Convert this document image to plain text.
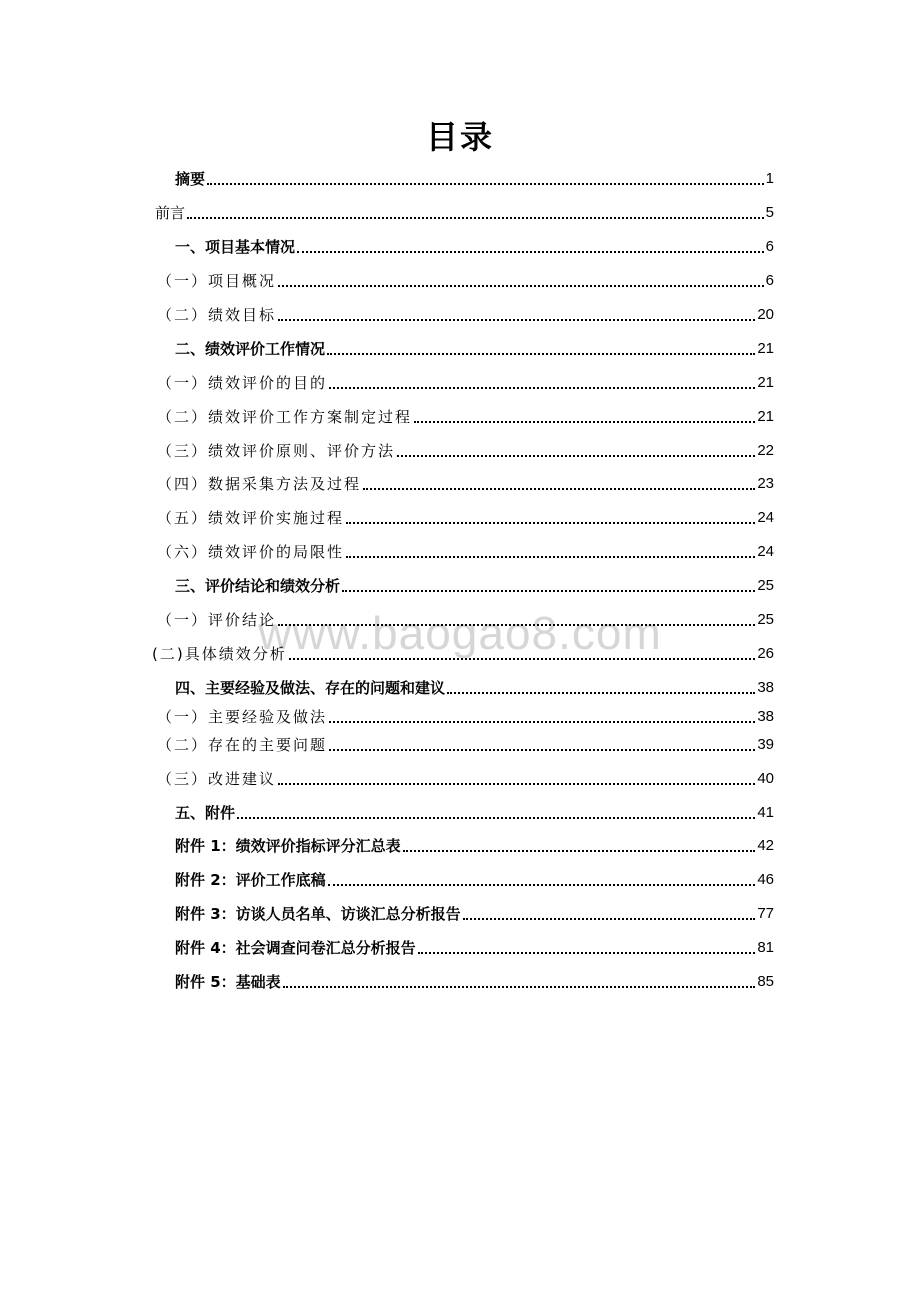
目录
www.baogao8.com
摘要	1
前言	5
一、项目基本情况	6
（一）项目概况	6
（二）绩效目标	20
二、绩效评价工作情况	21
（一）绩效评价的目的	21
（二）绩效评价工作方案制定过程	21
（三）绩效评价原则、评价方法	22
（四）数据采集方法及过程	23
（五）绩效评价实施过程	24
（六）绩效评价的局限性	24
三、评价结论和绩效分析	25
（一）评价结论	25
(二)具体绩效分析	26
四、主要经验及做法、存在的问题和建议	38
（一）主要经验及做法	38
（二）存在的主要问题	39
（三）改进建议	40
五、附件	41
附件 1：绩效评价指标评分汇总表	42
附件 2：评价工作底稿	46
附件 3：访谈人员名单、访谈汇总分析报告	77
附件 4：社会调查问卷汇总分析报告	81
附件 5：基础表	85
